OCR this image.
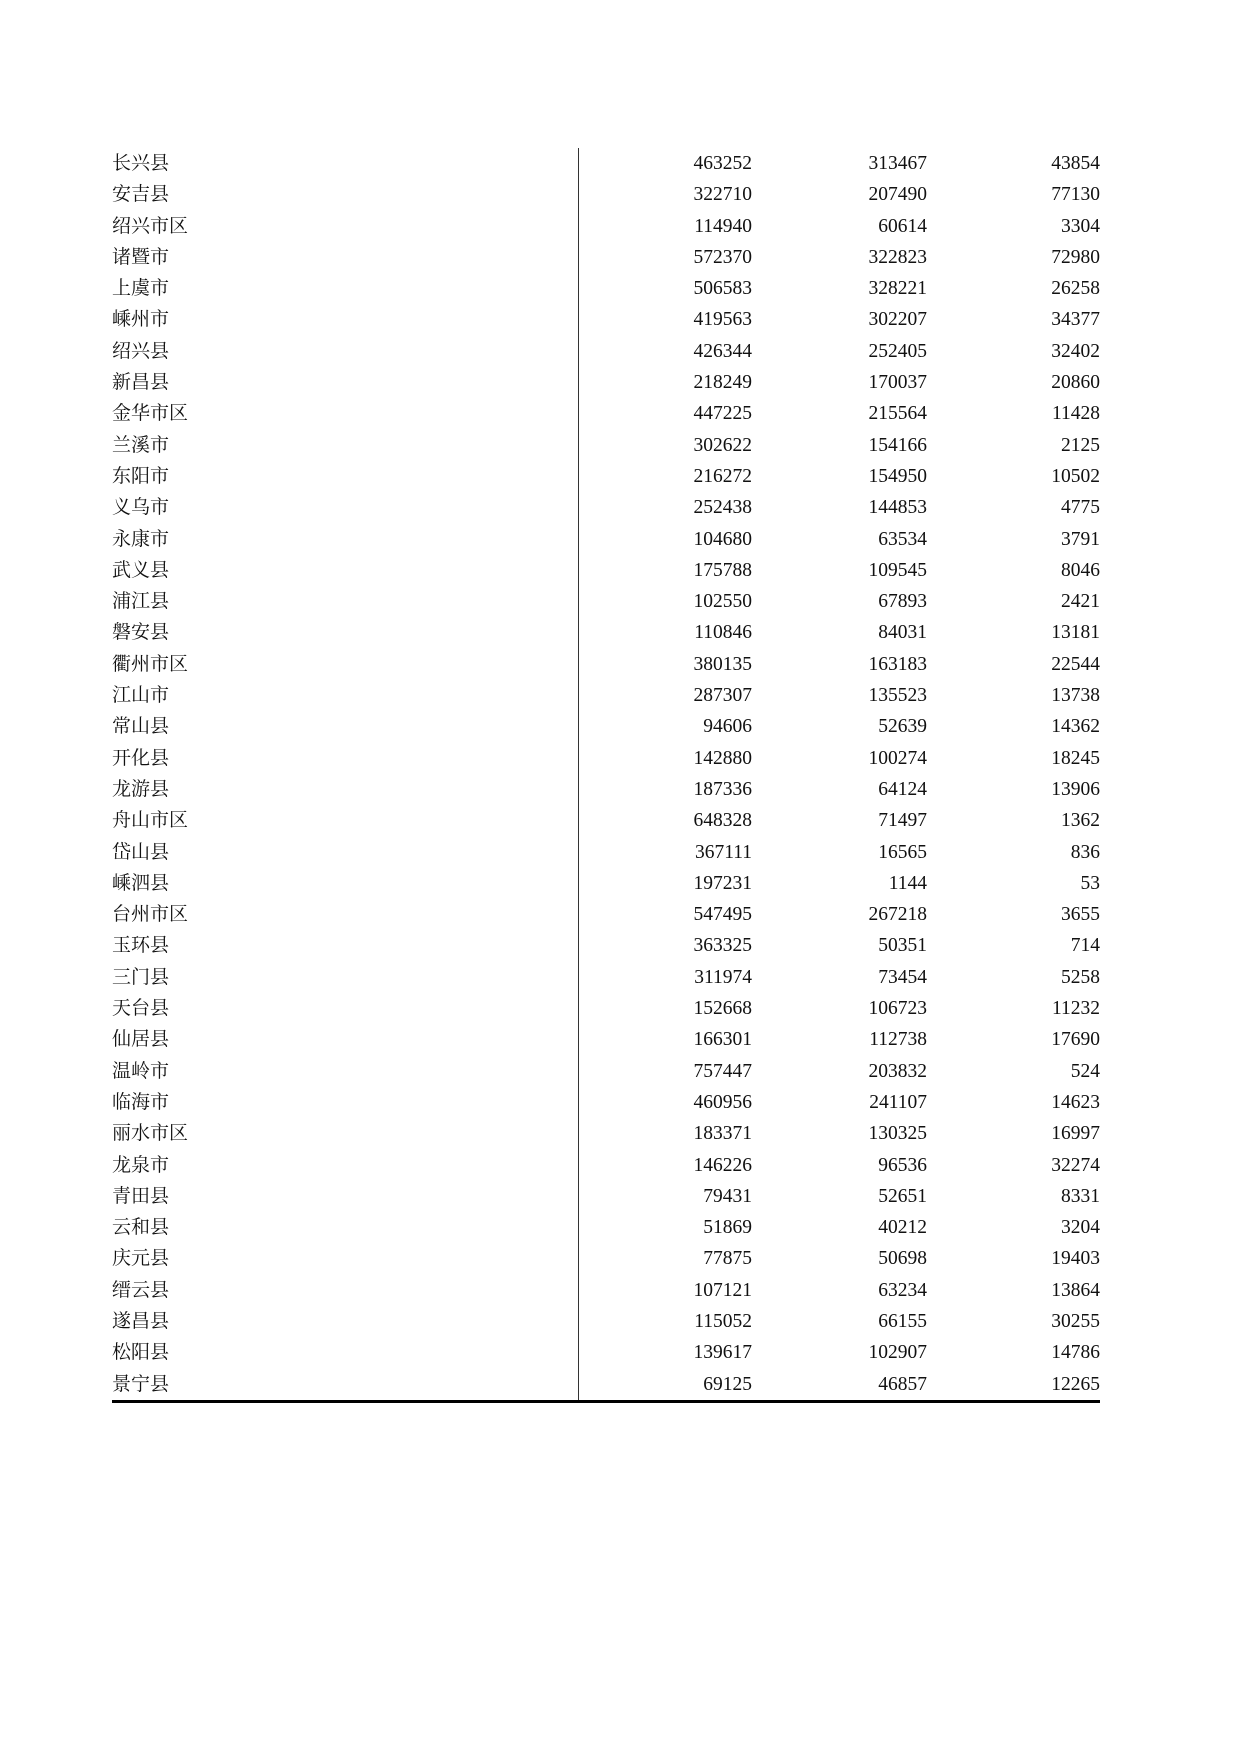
长兴县	463252	313467	43854
安吉县	322710	207490	77130
绍兴市区	114940	60614	3304
诸暨市	572370	322823	72980
上虞市	506583	328221	26258
嵊州市	419563	302207	34377
绍兴县	426344	252405	32402
新昌县	218249	170037	20860
金华市区	447225	215564	11428
兰溪市	302622	154166	2125
东阳市	216272	154950	10502
义乌市	252438	144853	4775
永康市	104680	63534	3791
武义县	175788	109545	8046
浦江县	102550	67893	2421
磐安县	110846	84031	13181
衢州市区	380135	163183	22544
江山市	287307	135523	13738
常山县	94606	52639	14362
开化县	142880	100274	18245
龙游县	187336	64124	13906
舟山市区	648328	71497	1362
岱山县	367111	16565	836
嵊泗县	197231	1144	53
台州市区	547495	267218	3655
玉环县	363325	50351	714
三门县	311974	73454	5258
天台县	152668	106723	11232
仙居县	166301	112738	17690
温岭市	757447	203832	524
临海市	460956	241107	14623
丽水市区	183371	130325	16997
龙泉市	146226	96536	32274
青田县	79431	52651	8331
云和县	51869	40212	3204
庆元县	77875	50698	19403
缙云县	107121	63234	13864
遂昌县	115052	66155	30255
松阳县	139617	102907	14786
景宁县	69125	46857	12265
